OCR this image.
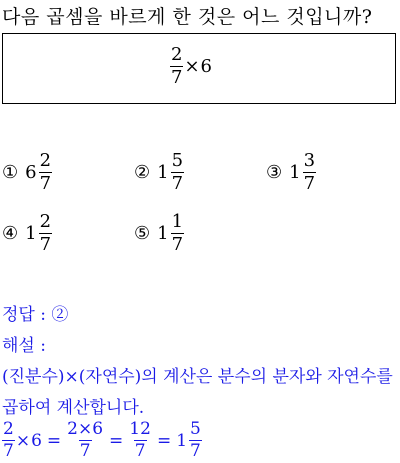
다음 곱셈을 바르게 한 것은 어느 것입니까?
$\frac{2}{7} \times 6$
① $6 \frac{2}{7}$	② $1 \frac{5}{7}$	③ $1 \frac{3}{7}$
④ $1 \frac{2}{7}$	⑤ $1 \frac{1}{7}$
정답 : ②
해설 :
(진분수)×(자연수)의 계산은 분수의 분자와 자연수를
곱하여 계산합니다.
$\frac{2}{7} \times 6 = \frac{2\times 6}{7} = \frac{12}{7} = 1 \frac{5}{7}$
